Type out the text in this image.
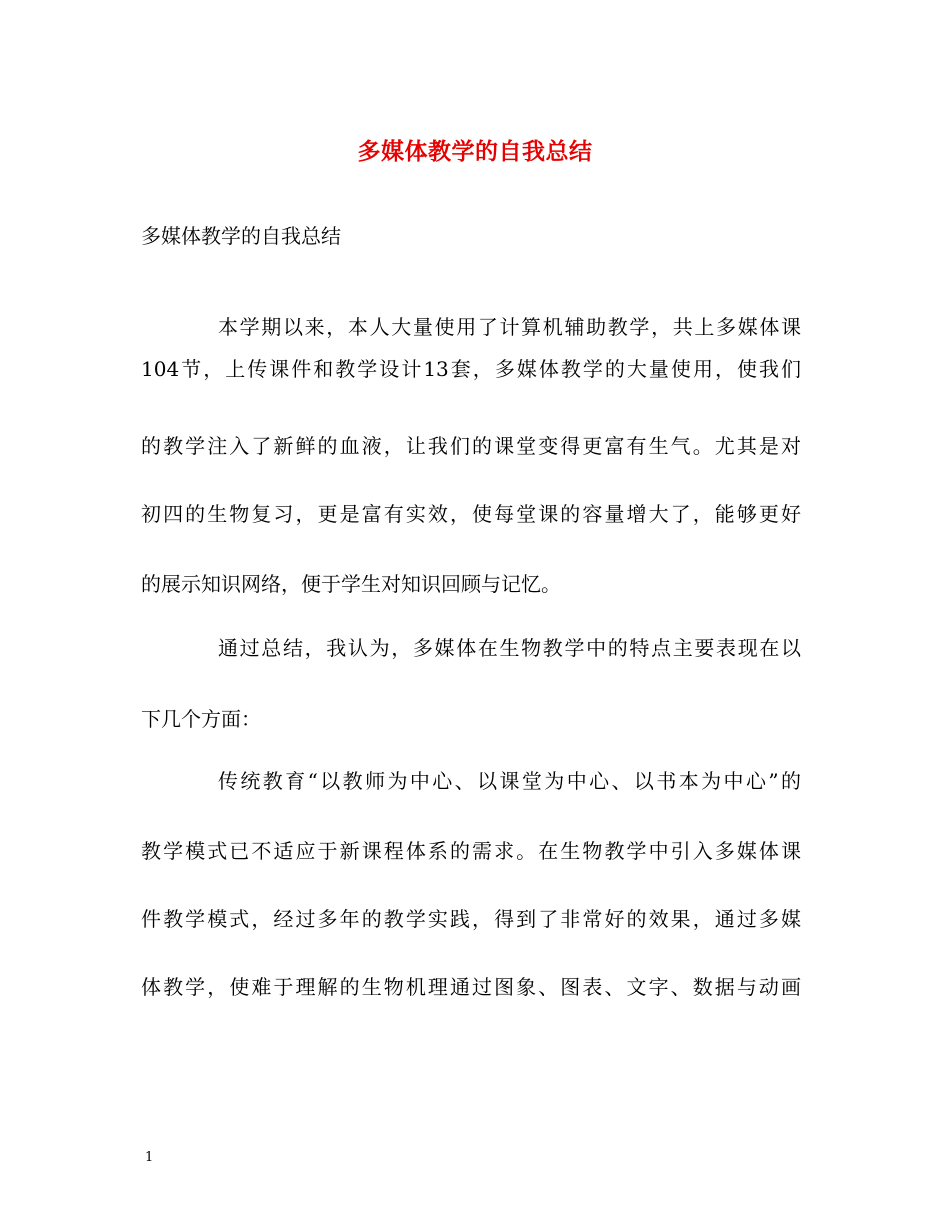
多媒体教学的自我总结
多媒体教学的自我总结
本学期以来，本人大量使用了计算机辅助教学，共上多媒体课
104节，上传课件和教学设计13套，多媒体教学的大量使用，使我们
的教学注入了新鲜的血液，让我们的课堂变得更富有生气。尤其是对
初四的生物复习，更是富有实效，使每堂课的容量增大了，能够更好
的展示知识网络，便于学生对知识回顾与记忆。
通过总结，我认为，多媒体在生物教学中的特点主要表现在以
下几个方面：
传统教育“以教师为中心、以课堂为中心、以书本为中心”的
教学模式已不适应于新课程体系的需求。在生物教学中引入多媒体课
件教学模式，经过多年的教学实践，得到了非常好的效果，通过多媒
体教学，使难于理解的生物机理通过图象、图表、文字、数据与动画
1
